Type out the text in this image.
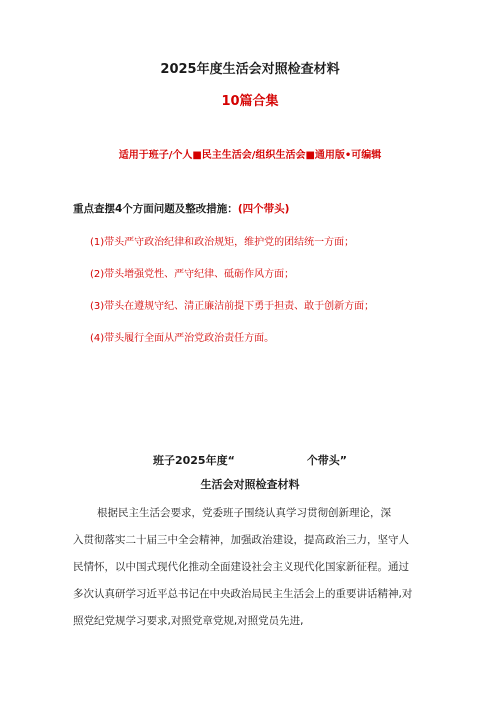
2025年度生活会对照检查材料
10篇合集
适用于班子/个人■民主生活会/组织生活会■通用版•可编辑
重点查摆4个方面问题及整改措施：(四个带头)
(1)带头严守政治纪律和政治规矩，维护党的团结统一方面；
(2)带头增强党性、严守纪律、砥砺作风方面；
(3)带头在遵规守纪、清正廉洁前提下勇于担责、敢于创新方面；
(4)带头履行全面从严治党政治责任方面。
班子2025年度“	个带头”
生活会对照检查材料
根据民主生活会要求，党委班子围绕认真学习贯彻创新理论，深
入贯彻落实二十届三中全会精神，加强政治建设，提高政治三力，坚守人
民情怀，以中国式现代化推动全面建设社会主义现代化国家新征程。通过
多次认真研学习近平总书记在中央政治局民主生活会上的重要讲话精神,对
照党纪党规学习要求,对照党章党规,对照党员先进,
